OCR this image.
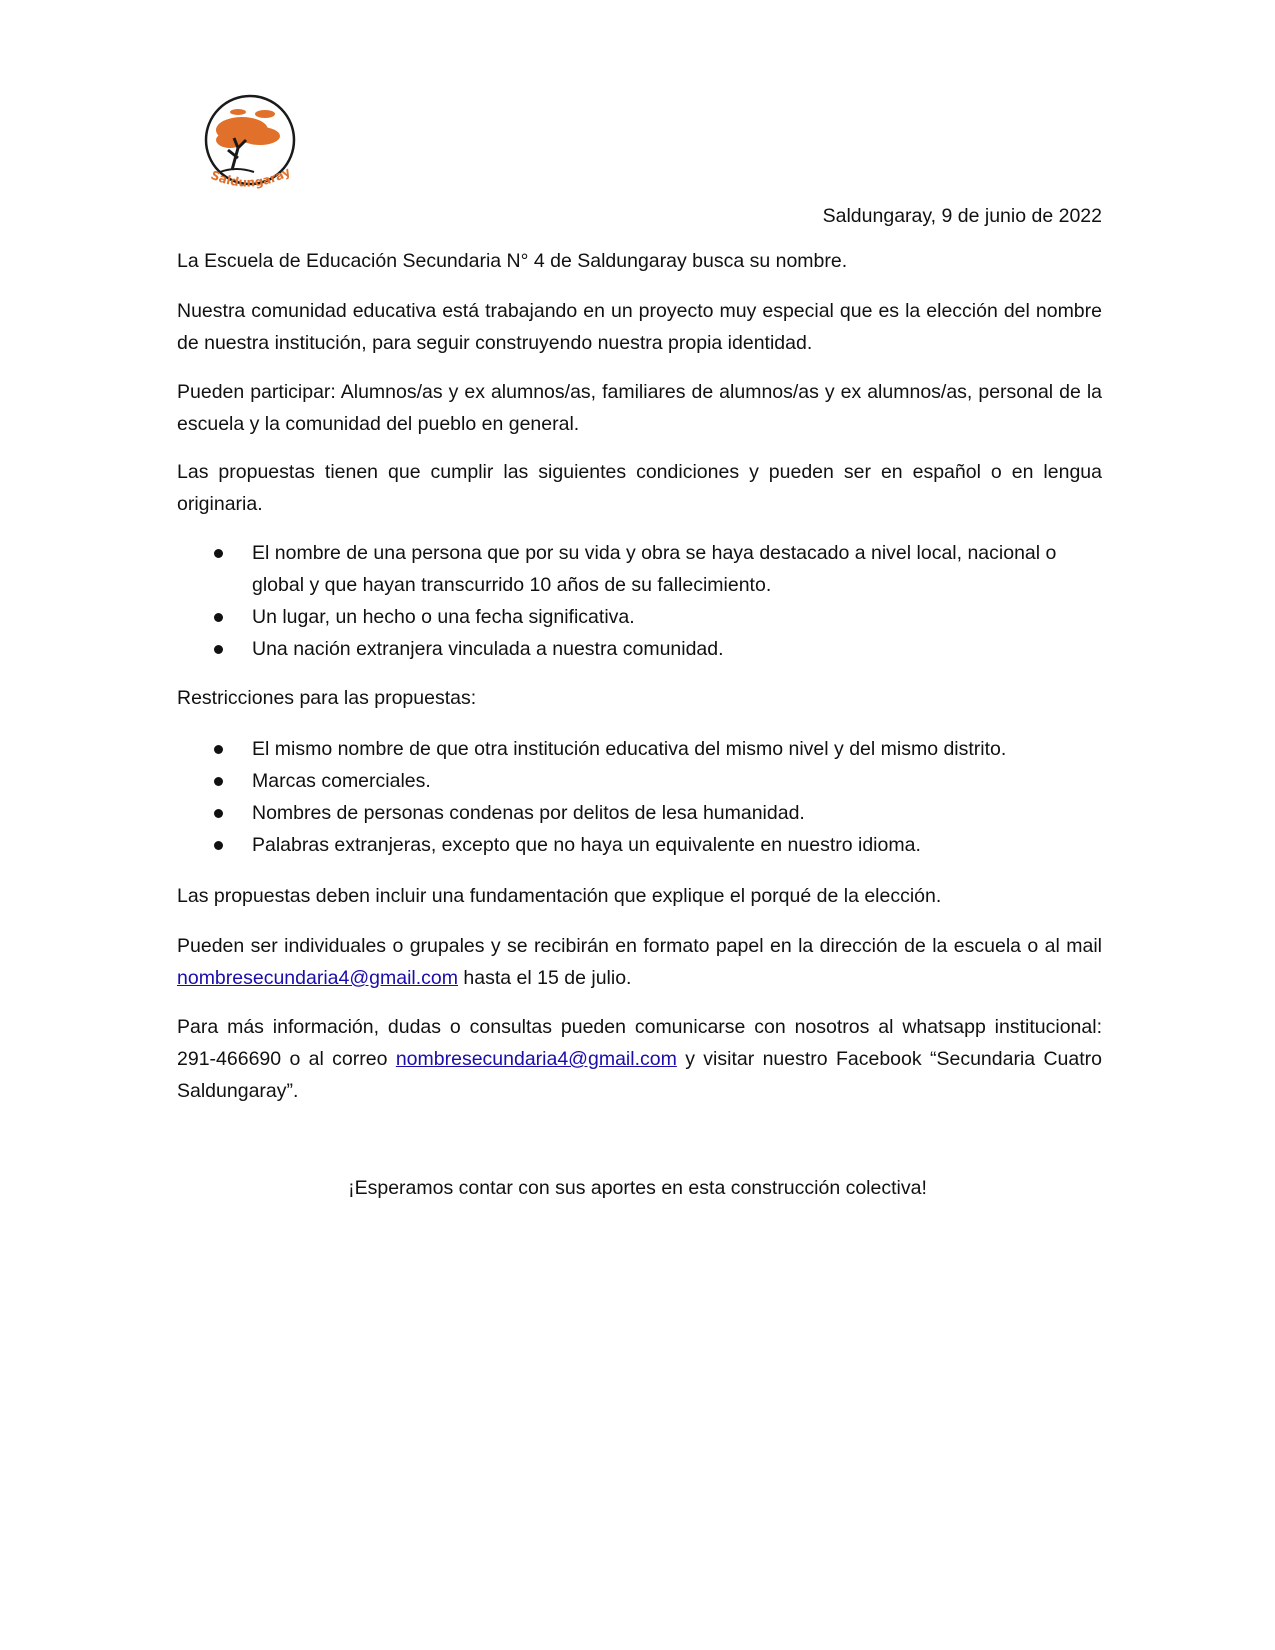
Saldungaray
Saldungaray, 9 de junio de 2022

La Escuela de Educación Secundaria N° 4 de Saldungaray busca su nombre.

Nuestra comunidad educativa está trabajando en un proyecto muy especial que es la elección del nombre de nuestra institución, para seguir construyendo nuestra propia identidad.

Pueden participar: Alumnos/as y ex alumnos/as, familiares de alumnos/as y ex alumnos/as, personal de la escuela y la comunidad del pueblo en general.

Las propuestas tienen que cumplir las siguientes condiciones y pueden ser en español o en lengua originaria.

El nombre de una persona que por su vida y obra se haya destacado a nivel local, nacional o global y que hayan transcurrido 10 años de su fallecimiento.
Un lugar, un hecho o una fecha significativa.
Una nación extranjera vinculada a nuestra comunidad.

Restricciones para las propuestas:

El mismo nombre de que otra institución educativa del mismo nivel y del mismo distrito.
Marcas comerciales.
Nombres de personas condenas por delitos de lesa humanidad.
Palabras extranjeras, excepto que no haya un equivalente en nuestro idioma.

Las propuestas deben incluir una fundamentación que explique el porqué de la elección.

Pueden ser individuales o grupales y se recibirán en formato papel en la dirección de la escuela o al mail nombresecundaria4@gmail.com hasta el 15 de julio.

Para más información, dudas o consultas pueden comunicarse con nosotros al whatsapp institucional: 291-466690 o al correo nombresecundaria4@gmail.com y visitar nuestro Facebook “Secundaria Cuatro Saldungaray”.

¡Esperamos contar con sus aportes en esta construcción colectiva!
